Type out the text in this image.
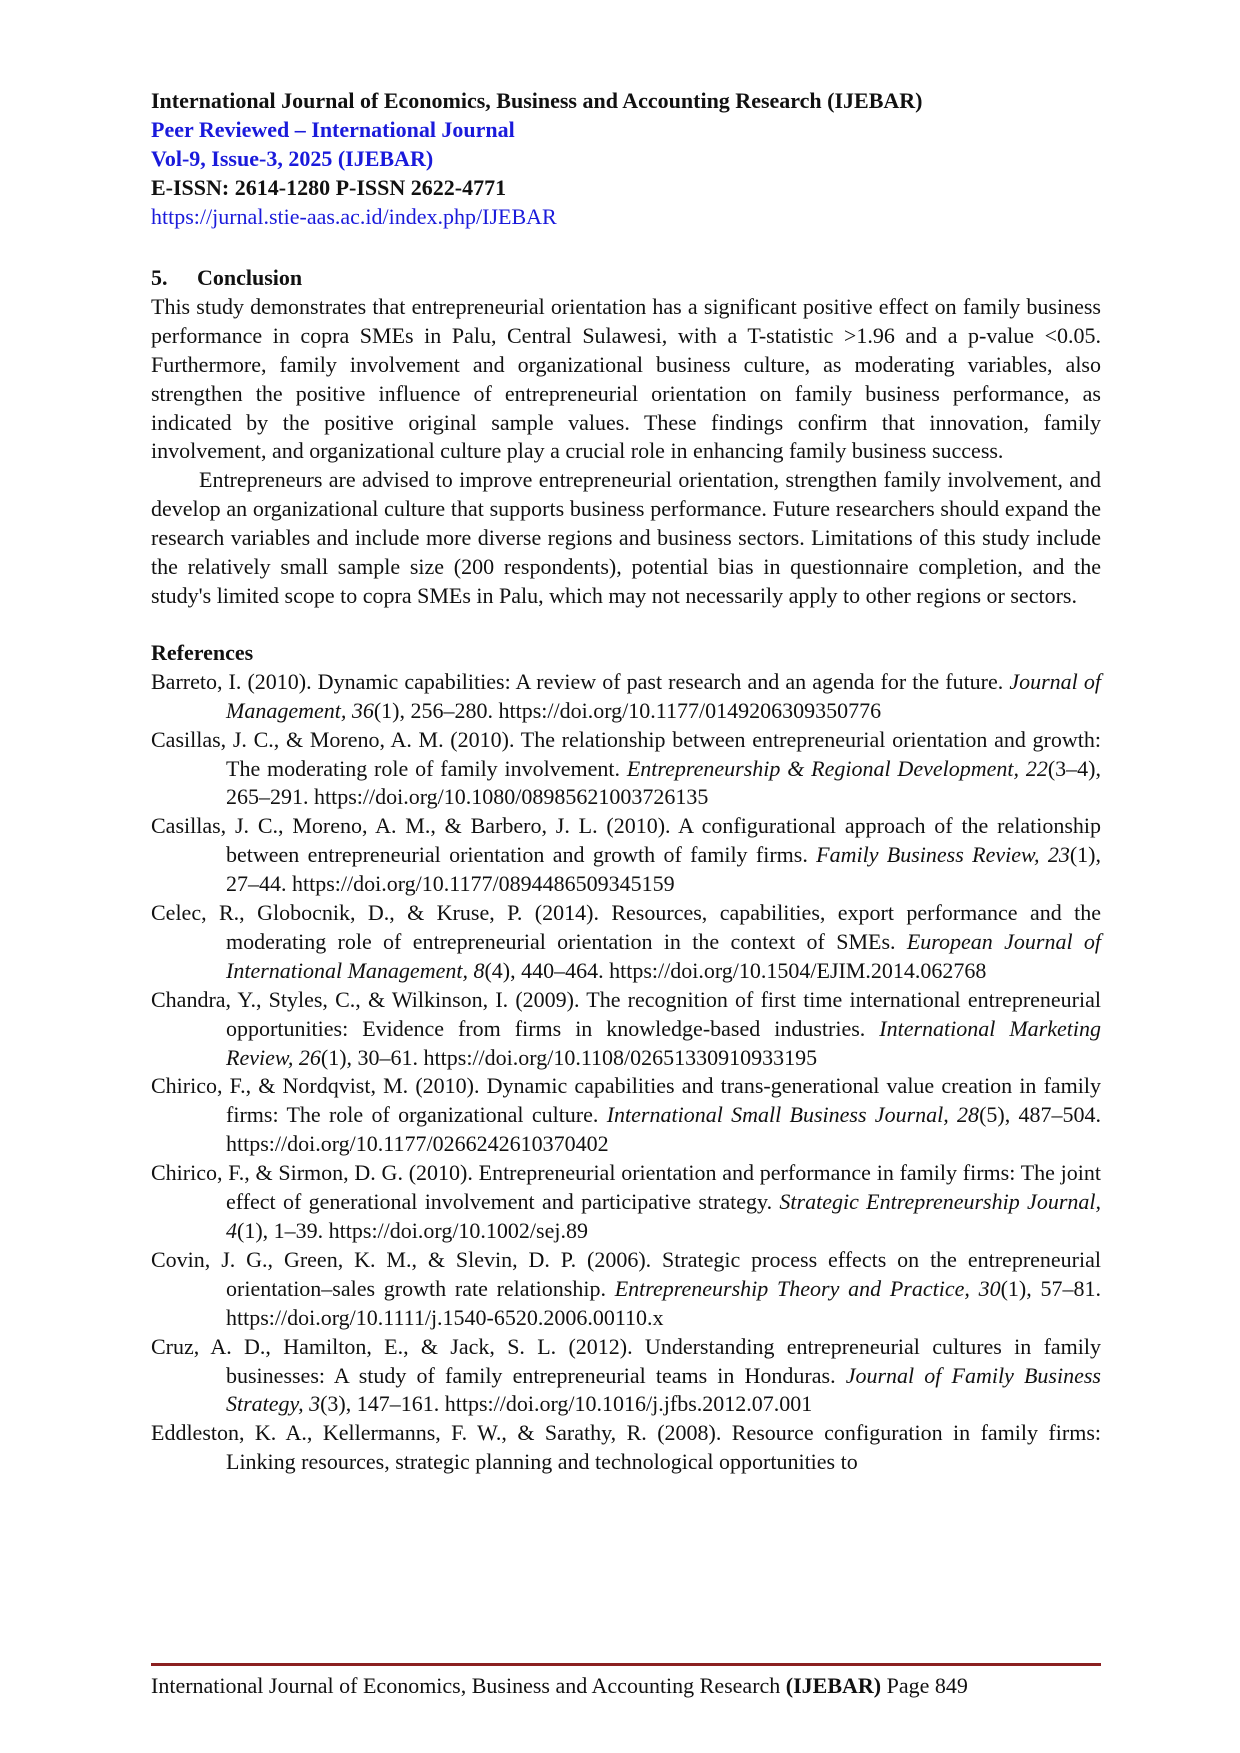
International Journal of Economics, Business and Accounting Research (IJEBAR)
Peer Reviewed – International Journal
Vol-9, Issue-3, 2025 (IJEBAR)
E-ISSN: 2614-1280 P-ISSN 2622-4771
https://jurnal.stie-aas.ac.id/index.php/IJEBAR

5. Conclusion

This study demonstrates that entrepreneurial orientation has a significant positive effect on family business performance in copra SMEs in Palu, Central Sulawesi, with a T-statistic >1.96 and a p-value <0.05. Furthermore, family involvement and organizational business culture, as moderating variables, also strengthen the positive influence of entrepreneurial orientation on family business performance, as indicated by the positive original sample values. These findings confirm that innovation, family involvement, and organizational culture play a crucial role in enhancing family business success.

Entrepreneurs are advised to improve entrepreneurial orientation, strengthen family involvement, and develop an organizational culture that supports business performance. Future researchers should expand the research variables and include more diverse regions and business sectors. Limitations of this study include the relatively small sample size (200 respondents), potential bias in questionnaire completion, and the study's limited scope to copra SMEs in Palu, which may not necessarily apply to other regions or sectors.

References

Barreto, I. (2010). Dynamic capabilities: A review of past research and an agenda for the future. Journal of Management, 36(1), 256–280. https://doi.org/10.1177/0149206309350776

Casillas, J. C., & Moreno, A. M. (2010). The relationship between entrepreneurial orientation and growth: The moderating role of family involvement. Entrepreneurship & Regional Development, 22(3–4), 265–291. https://doi.org/10.1080/08985621003726135

Casillas, J. C., Moreno, A. M., & Barbero, J. L. (2010). A configurational approach of the relationship between entrepreneurial orientation and growth of family firms. Family Business Review, 23(1), 27–44. https://doi.org/10.1177/0894486509345159

Celec, R., Globocnik, D., & Kruse, P. (2014). Resources, capabilities, export performance and the moderating role of entrepreneurial orientation in the context of SMEs. European Journal of International Management, 8(4), 440–464. https://doi.org/10.1504/EJIM.2014.062768

Chandra, Y., Styles, C., & Wilkinson, I. (2009). The recognition of first time international entrepreneurial opportunities: Evidence from firms in knowledge-based industries. International Marketing Review, 26(1), 30–61. https://doi.org/10.1108/02651330910933195

Chirico, F., & Nordqvist, M. (2010). Dynamic capabilities and trans-generational value creation in family firms: The role of organizational culture. International Small Business Journal, 28(5), 487–504. https://doi.org/10.1177/0266242610370402

Chirico, F., & Sirmon, D. G. (2010). Entrepreneurial orientation and performance in family firms: The joint effect of generational involvement and participative strategy. Strategic Entrepreneurship Journal, 4(1), 1–39. https://doi.org/10.1002/sej.89

Covin, J. G., Green, K. M., & Slevin, D. P. (2006). Strategic process effects on the entrepreneurial orientation–sales growth rate relationship. Entrepreneurship Theory and Practice, 30(1), 57–81. https://doi.org/10.1111/j.1540-6520.2006.00110.x

Cruz, A. D., Hamilton, E., & Jack, S. L. (2012). Understanding entrepreneurial cultures in family businesses: A study of family entrepreneurial teams in Honduras. Journal of Family Business Strategy, 3(3), 147–161. https://doi.org/10.1016/j.jfbs.2012.07.001

Eddleston, K. A., Kellermanns, F. W., & Sarathy, R. (2008). Resource configuration in family firms: Linking resources, strategic planning and technological opportunities to

International Journal of Economics, Business and Accounting Research (IJEBAR) Page 849
